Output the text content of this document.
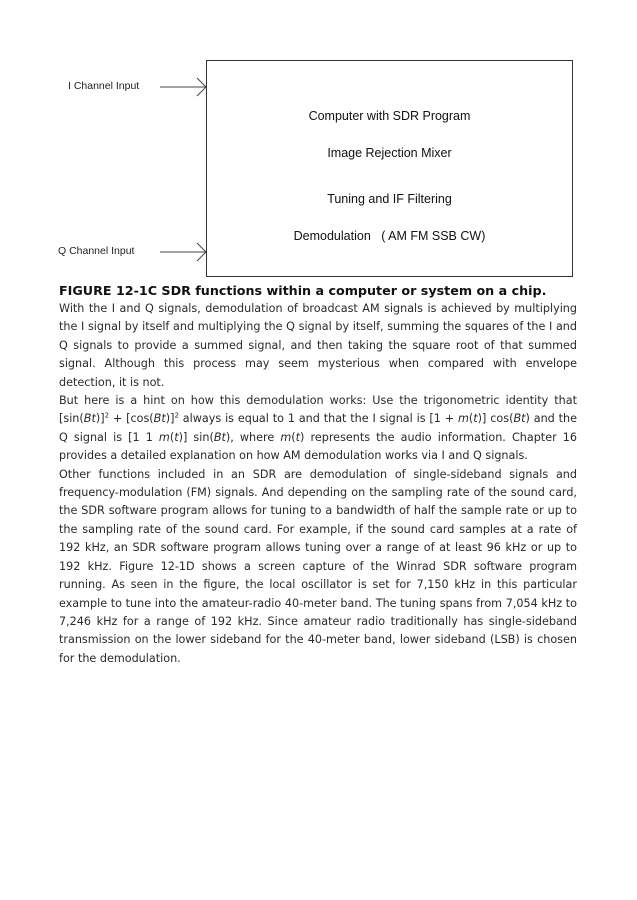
I Channel Input
Q Channel Input
Computer with SDR Program
Image Rejection Mixer
Tuning and IF Filtering
Demodulation   ( AM FM SSB CW)
FIGURE 12-1C SDR functions within a computer or system on a chip.

With the I and Q signals, demodulation of broadcast AM signals is achieved by multiplying the I signal by itself and multiplying the Q signal by itself, summing the squares of the I and Q signals to provide a summed signal, and then taking the square root of that summed signal. Although this process may seem mysterious when compared with envelope detection, it is not.

But here is a hint on how this demodulation works: Use the trigonometric identity that $[\sin(Bt)]^2 + [\cos(Bt)]^2$ always is equal to 1 and that the I signal is [1 + m(t)] cos(Bt) and the Q signal is [1 1 m(t)] sin(Bt), where m(t) represents the audio information. Chapter 16 provides a detailed explanation on how AM demodulation works via I and Q signals.

Other functions included in an SDR are demodulation of single-sideband signals and frequency-modulation (FM) signals. And depending on the sampling rate of the sound card, the SDR software program allows for tuning to a bandwidth of half the sample rate or up to the sampling rate of the sound card. For example, if the sound card samples at a rate of 192 kHz, an SDR software program allows tuning over a range of at least 96 kHz or up to 192 kHz. Figure 12-1D shows a screen capture of the Winrad SDR software program running. As seen in the figure, the local oscillator is set for 7,150 kHz in this particular example to tune into the amateur-radio 40-meter band. The tuning spans from 7,054 kHz to 7,246 kHz for a range of 192 kHz. Since amateur radio traditionally has single-sideband transmission on the lower sideband for the 40-meter band, lower sideband (LSB) is chosen for the demodulation.
